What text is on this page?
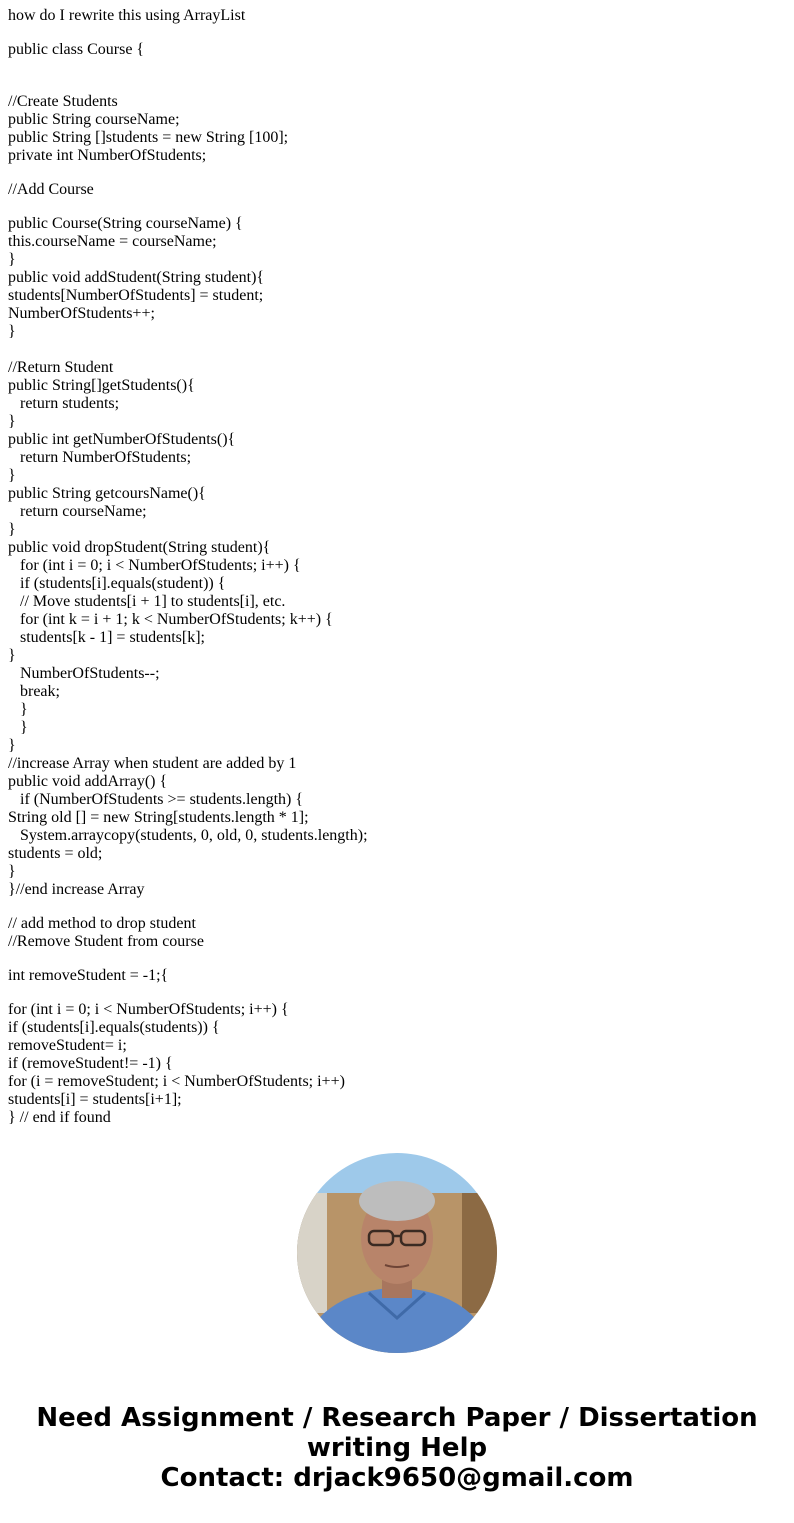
how do I rewrite this using ArrayList
public class Course {
//Create Students
public String courseName;
public String []students = new String [100];
private int NumberOfStudents;
//Add Course
public Course(String courseName) {
this.courseName = courseName;
}
public void addStudent(String student){
students[NumberOfStudents] = student;
NumberOfStudents++;
}
//Return Student
public String[]getStudents(){
return students;
}
public int getNumberOfStudents(){
return NumberOfStudents;
}
public String getcoursName(){
return courseName;
}
public void dropStudent(String student){
for (int i = 0; i < NumberOfStudents; i++) {
if (students[i].equals(student)) {
// Move students[i + 1] to students[i], etc.
for (int k = i + 1; k < NumberOfStudents; k++) {
students[k - 1] = students[k];
}
NumberOfStudents--;
break;
}
}
}
//increase Array when student are added by 1
public void addArray() {
if (NumberOfStudents >= students.length) {
String old [] = new String[students.length * 1];
System.arraycopy(students, 0, old, 0, students.length);
students = old;
}
}//end increase Array
// add method to drop student
//Remove Student from course
int removeStudent = -1;{
for (int i = 0; i < NumberOfStudents; i++) {
if (students[i].equals(students)) {
removeStudent= i;
if (removeStudent!= -1) {
for (i = removeStudent; i < NumberOfStudents; i++)
students[i] = students[i+1];
} // end if found
Need Assignment / Research Paper / Dissertation
writing Help
Contact: drjack9650@gmail.com
